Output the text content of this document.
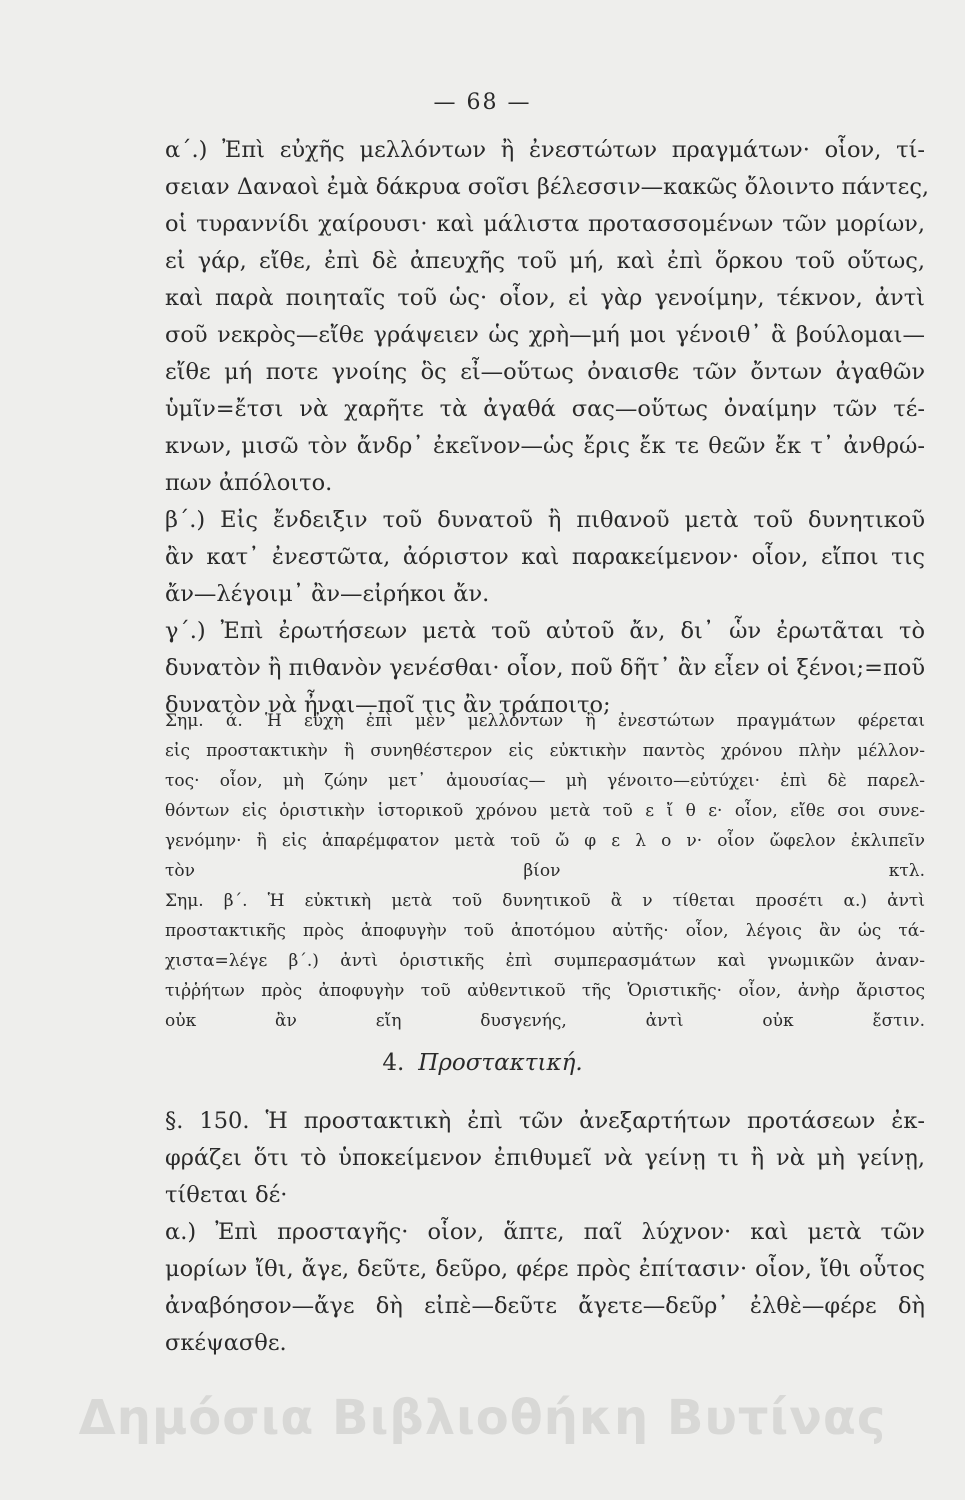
— 68 —
α΄.) Ἐπὶ εὐχῆς μελλόντων ἢ ἐνεστώτων πραγμάτων· οἷον, τί-
σειαν Δαναοὶ ἐμὰ δάκρυα σοῖσι βέλεσσιν—κακῶς ὄλοιντο πάντες,
οἱ τυραννίδι χαίρουσι· καὶ μάλιστα προτασσομένων τῶν μορίων,
εἰ γάρ, εἴθε, ἐπὶ δὲ ἀπευχῆς τοῦ μή, καὶ ἐπὶ ὅρκου τοῦ οὕτως,
καὶ παρὰ ποιηταῖς τοῦ ὡς· οἷον, εἰ γὰρ γενοίμην, τέκνον, ἀντὶ
σοῦ νεκρὸς—εἴθε γράψειεν ὡς χρὴ—μή μοι γένοιθ᾽ ἃ βούλομαι—
εἴθε μή ποτε γνοίης ὃς εἶ—οὕτως ὀναισθε τῶν ὄντων ἀγαθῶν
ὑμῖν=ἔτσι νὰ χαρῆτε τὰ ἀγαθά σας—οὕτως ὀναίμην τῶν τέ-
κνων, μισῶ τὸν ἄνδρ᾽ ἐκεῖνον—ὡς ἔρις ἔκ τε θεῶν ἔκ τ᾽ ἀνθρώ-
πων ἀπόλοιτο.
β΄.) Εἰς ἔνδειξιν τοῦ δυνατοῦ ἢ πιθανοῦ μετὰ τοῦ δυνητικοῦ
ἂν κατ᾽ ἐνεστῶτα, ἀόριστον καὶ παρακείμενον· οἷον, εἴποι τις
ἄν—λέγοιμ᾽ ἂν—εἰρήκοι ἄν.
γ΄.) Ἐπὶ ἐρωτήσεων μετὰ τοῦ αὐτοῦ ἄν, δι᾽ ὧν ἐρωτᾶται τὸ
δυνατὸν ἢ πιθανὸν γενέσθαι· οἷον, ποῦ δῆτ᾽ ἂν εἶεν οἱ ξένοι;=ποῦ
δυνατὸν νὰ ἦναι—ποῖ τις ἂν τράποιτο;
Σημ. ά. Ἡ εὐχὴ ἐπὶ μὲν μελλόντων ἢ ἐνεστώτων πραγμάτων φέρεται
εἰς προστακτικὴν ἢ συνηθέστερον εἰς εὐκτικὴν παντὸς χρόνου πλὴν μέλλον-
τος· οἷον, μὴ ζώην μετ᾽ ἀμουσίας— μὴ γένοιτο—εὐτύχει· ἐπὶ δὲ παρελ-
θόντων εἰς ὁριστικὴν ἱστορικοῦ χρόνου μετὰ τοῦ ε ἴ θ ε· οἷον, εἴθε σοι συνε-
γενόμην· ἢ εἰς ἀπαρέμφατον μετὰ τοῦ ὤ φ ε λ ο ν· οἷον ὤφελον ἐκλιπεῖν
τὸν βίον κτλ.
Σημ. β΄. Ἡ εὐκτικὴ μετὰ τοῦ δυνητικοῦ ἂ ν τίθεται προσέτι α.) ἀντὶ
προστακτικῆς πρὸς ἀποφυγὴν τοῦ ἀποτόμου αὐτῆς· οἷον, λέγοις ἂν ὡς τά-
χιστα=λέγε β΄.) ἀντὶ ὁριστικῆς ἐπὶ συμπερασμάτων καὶ γνωμικῶν ἀναν-
τιῤῥήτων πρὸς ἀποφυγὴν τοῦ αὐθεντικοῦ τῆς Ὁριστικῆς· οἷον, ἀνὴρ ἄριστος
οὐκ ἂν εἴη δυσγενής, ἀντὶ οὐκ ἔστιν.
4. Προστακτική.
§. 150. Ἡ προστακτικὴ ἐπὶ τῶν ἀνεξαρτήτων προτάσεων ἐκ-
φράζει ὅτι τὸ ὑποκείμενον ἐπιθυμεῖ νὰ γείνῃ τι ἢ νὰ μὴ γείνῃ,
τίθεται δέ·
α.) Ἐπὶ προσταγῆς· οἷον, ἅπτε, παῖ λύχνον· καὶ μετὰ τῶν
μορίων ἴθι, ἄγε, δεῦτε, δεῦρο, φέρε πρὸς ἐπίτασιν· οἷον, ἴθι οὗτος
ἀναβόησον—ἄγε δὴ εἰπὲ—δεῦτε ἄγετε—δεῦρ᾽ ἐλθὲ—φέρε δὴ
σκέψασθε.
Δημόσια Βιβλιοθήκη Βυτίνας
